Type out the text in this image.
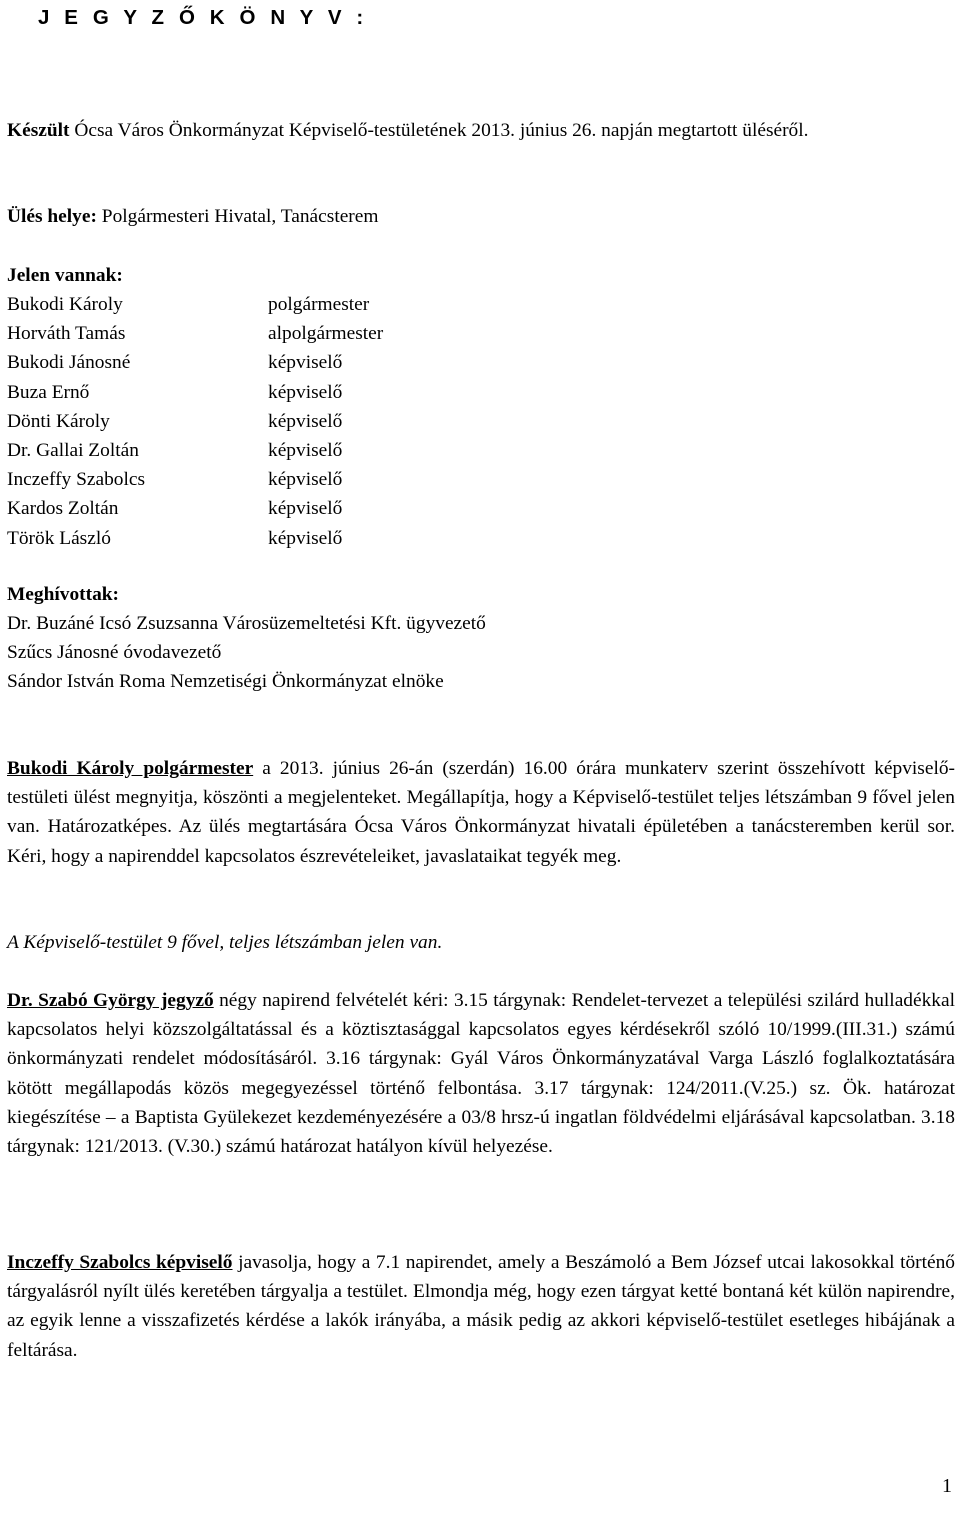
J E G Y Z Ő K Ö N Y V :
Készült Ócsa Város Önkormányzat Képviselő-testületének 2013. június 26. napján megtartott üléséről.
Ülés helye: Polgármesteri Hivatal, Tanácsterem
Jelen vannak:
Bukodi Károly	polgármester
Horváth Tamás	alpolgármester
Bukodi Jánosné	képviselő
Buza Ernő	képviselő
Dönti Károly	képviselő
Dr. Gallai Zoltán	képviselő
Inczeffy Szabolcs	képviselő
Kardos Zoltán	képviselő
Török László	képviselő
Meghívottak:
Dr. Buzáné Icsó Zsuzsanna Városüzemeltetési Kft. ügyvezető
Szűcs Jánosné óvodavezető
Sándor István Roma Nemzetiségi Önkormányzat elnöke
Bukodi Károly polgármester a 2013. június 26-án (szerdán) 16.00 órára munkaterv szerint összehívott képviselő-testületi ülést megnyitja, köszönti a megjelenteket. Megállapítja, hogy a Képviselő-testület teljes létszámban 9 fővel jelen van. Határozatképes. Az ülés megtartására Ócsa Város Önkormányzat hivatali épületében a tanácsteremben kerül sor. Kéri, hogy a napirenddel kapcsolatos észrevételeiket, javaslataikat tegyék meg.
A Képviselő-testület 9 fővel, teljes létszámban jelen van.
Dr. Szabó György jegyző négy napirend felvételét kéri: 3.15 tárgynak: Rendelet-tervezet a települési szilárd hulladékkal kapcsolatos helyi közszolgáltatással és a köztisztasággal kapcsolatos egyes kérdésekről szóló 10/1999.(III.31.) számú önkormányzati rendelet módosításáról. 3.16 tárgynak: Gyál Város Önkormányzatával Varga László foglalkoztatására kötött megállapodás közös megegyezéssel történő felbontása. 3.17 tárgynak: 124/2011.(V.25.) sz. Ök. határozat kiegészítése – a Baptista Gyülekezet kezdeményezésére a 03/8 hrsz-ú ingatlan földvédelmi eljárásával kapcsolatban. 3.18 tárgynak: 121/2013. (V.30.) számú határozat hatályon kívül helyezése.
Inczeffy Szabolcs képviselő javasolja, hogy a 7.1 napirendet, amely a Beszámoló a Bem József utcai lakosokkal történő tárgyalásról nyílt ülés keretében tárgyalja a testület. Elmondja még, hogy ezen tárgyat ketté bontaná két külön napirendre, az egyik lenne a visszafizetés kérdése a lakók irányába, a másik pedig az akkori képviselő-testület esetleges hibájának a feltárása.
1
